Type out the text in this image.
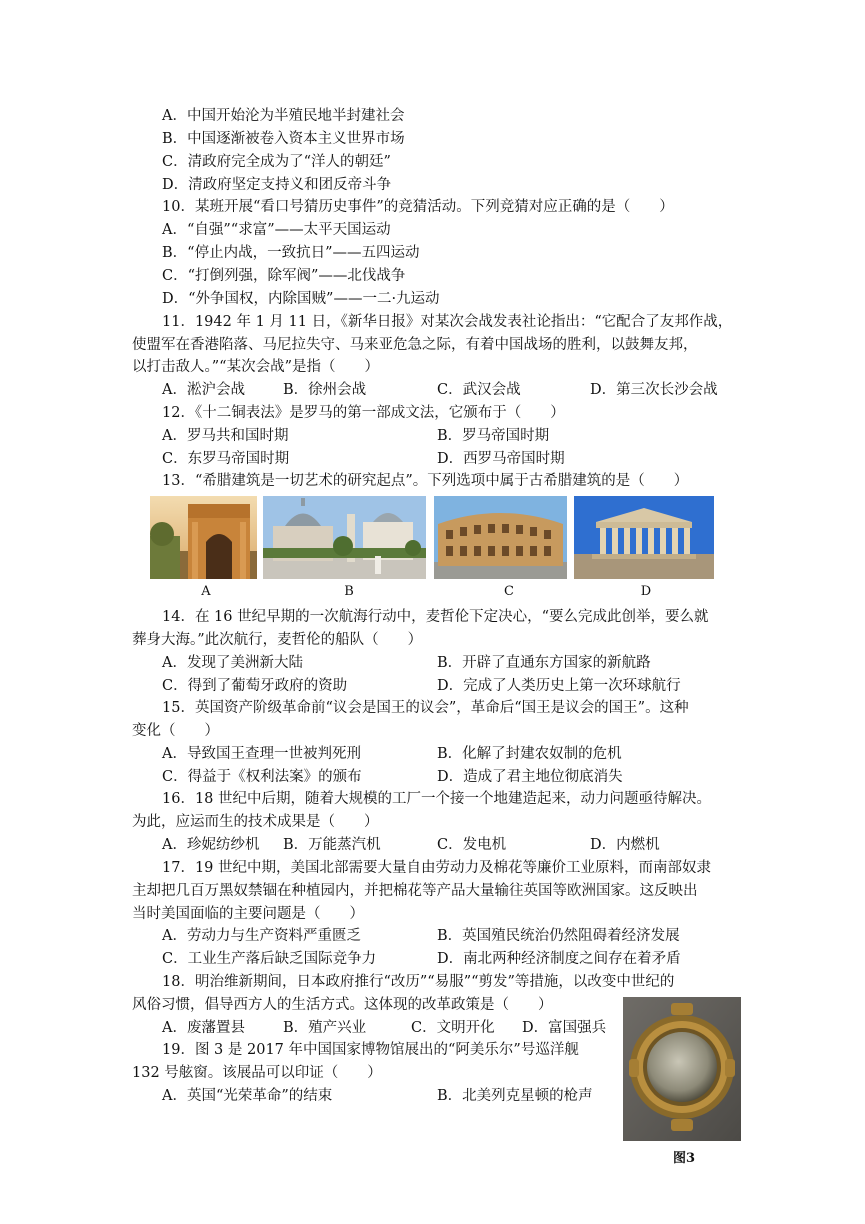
A．中国开始沦为半殖民地半封建社会
B．中国逐渐被卷入资本主义世界市场
C．清政府完全成为了“洋人的朝廷”
D．清政府坚定支持义和团反帝斗争
10．某班开展“看口号猜历史事件”的竞猜活动。下列竞猜对应正确的是（　　）
A．“自强”“求富”——太平天国运动
B．“停止内战，一致抗日”——五四运动
C．“打倒列强，除军阀”——北伐战争
D．“外争国权，内除国贼”——一二·九运动
11．1942 年 1 月 11 日，《新华日报》对某次会战发表社论指出：“它配合了友邦作战，
使盟军在香港陷落、马尼拉失守、马来亚危急之际，有着中国战场的胜利，以鼓舞友邦，
以打击敌人。”“某次会战”是指（　　）
A．淞沪会战	B．徐州会战	C．武汉会战	D．第三次长沙会战
12．《十二铜表法》是罗马的第一部成文法，它颁布于（　　）
A．罗马共和国时期	B．罗马帝国时期
C．东罗马帝国时期	D．西罗马帝国时期
13．“希腊建筑是一切艺术的研究起点”。下列选项中属于古希腊建筑的是（　　）
A	B	C	D
14．在 16 世纪早期的一次航海行动中，麦哲伦下定决心，“要么完成此创举，要么就
葬身大海。”此次航行，麦哲伦的船队（　　）
A．发现了美洲新大陆	B．开辟了直通东方国家的新航路
C．得到了葡萄牙政府的资助	D．完成了人类历史上第一次环球航行
15．英国资产阶级革命前“议会是国王的议会”，革命后“国王是议会的国王”。这种
变化（　　）
A．导致国王查理一世被判死刑	B．化解了封建农奴制的危机
C．得益于《权利法案》的颁布	D．造成了君主地位彻底消失
16．18 世纪中后期，随着大规模的工厂一个接一个地建造起来，动力问题亟待解决。
为此，应运而生的技术成果是（　　）
A．珍妮纺纱机 B．万能蒸汽机	C．发电机	D．内燃机
17．19 世纪中期，美国北部需要大量自由劳动力及棉花等廉价工业原料，而南部奴隶
主却把几百万黑奴禁锢在种植园内，并把棉花等产品大量输往英国等欧洲国家。这反映出
当时美国面临的主要问题是（　　）
A．劳动力与生产资料严重匮乏	B．英国殖民统治仍然阻碍着经济发展
C．工业生产落后缺乏国际竞争力	D．南北两种经济制度之间存在着矛盾
18．明治维新期间，日本政府推行“改历”“易服”“剪发”等措施，以改变中世纪的
风俗习惯，倡导西方人的生活方式。这体现的改革政策是（　　）
A．废藩置县	B．殖产兴业	C．文明开化 D．富国强兵
19．图 3 是 2017 年中国国家博物馆展出的“阿美乐尔”号巡洋舰
132 号舷窗。该展品可以印证（　　）
A．英国“光荣革命”的结束	B．北美列克星顿的枪声
图3
